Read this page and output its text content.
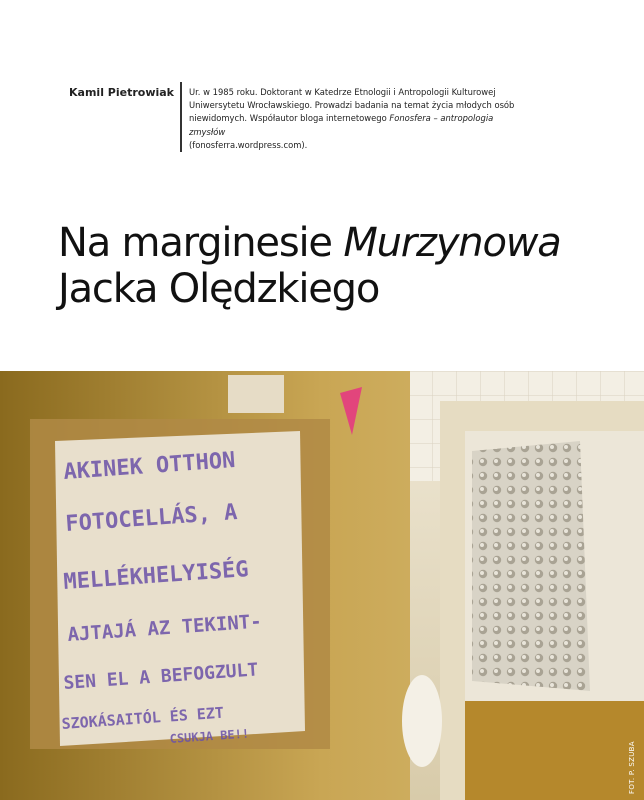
Kamil Pietrowiak Ur. w 1985 roku. Doktorant w Katedrze Etnologii i Antropologii Kulturowej
Uniwersytetu Wrocławskiego. Prowadzi badania na temat życia młodych osób
niewidomych. Współautor bloga internetowego Fonosfera – antropologia zmysłów
(fonosferra.wordpress.com).
Na marginesie Murzynowa
Jacka Olędzkiego
AKINEK OTTHON
FOTOCELLÁS, A
MELLÉKHELYISÉG
AJTAJÁ AZ TEKINT-
SEN EL A BEFOGZULT
SZOKÁSAITÓL ÉS EZT
CSUKJA BE!!
FOT. P. SZUBA
